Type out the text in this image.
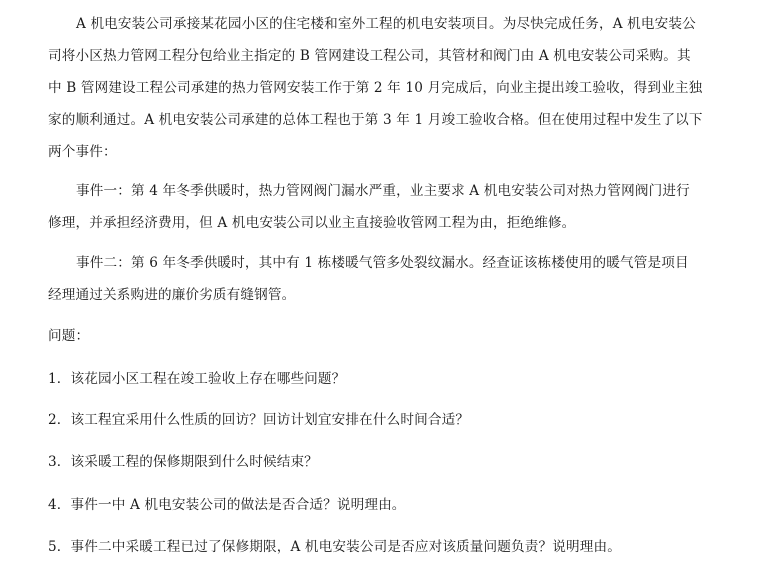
A 机电安装公司承接某花园小区的住宅楼和室外工程的机电安装项目。为尽快完成任务，A 机电安装公
司将小区热力管网工程分包给业主指定的 B 管网建设工程公司，其管材和阀门由 A 机电安装公司采购。其
中 B 管网建设工程公司承建的热力管网安装工作于第 2 年 10 月完成后，向业主提出竣工验收，得到业主独
家的顺利通过。A 机电安装公司承建的总体工程也于第 3 年 1 月竣工验收合格。但在使用过程中发生了以下
两个事件：
事件一：第 4 年冬季供暖时，热力管网阀门漏水严重，业主要求 A 机电安装公司对热力管网阀门进行
修理，并承担经济费用，但 A 机电安装公司以业主直接验收管网工程为由，拒绝维修。
事件二：第 6 年冬季供暖时，其中有 1 栋楼暖气管多处裂纹漏水。经查证该栋楼使用的暖气管是项目
经理通过关系购进的廉价劣质有缝钢管。
问题：
1．该花园小区工程在竣工验收上存在哪些问题？
2．该工程宜采用什么性质的回访？回访计划宜安排在什么时间合适？
3．该采暖工程的保修期限到什么时候结束？
4．事件一中 A 机电安装公司的做法是否合适？说明理由。
5．事件二中采暖工程已过了保修期限，A 机电安装公司是否应对该质量问题负责？说明理由。
